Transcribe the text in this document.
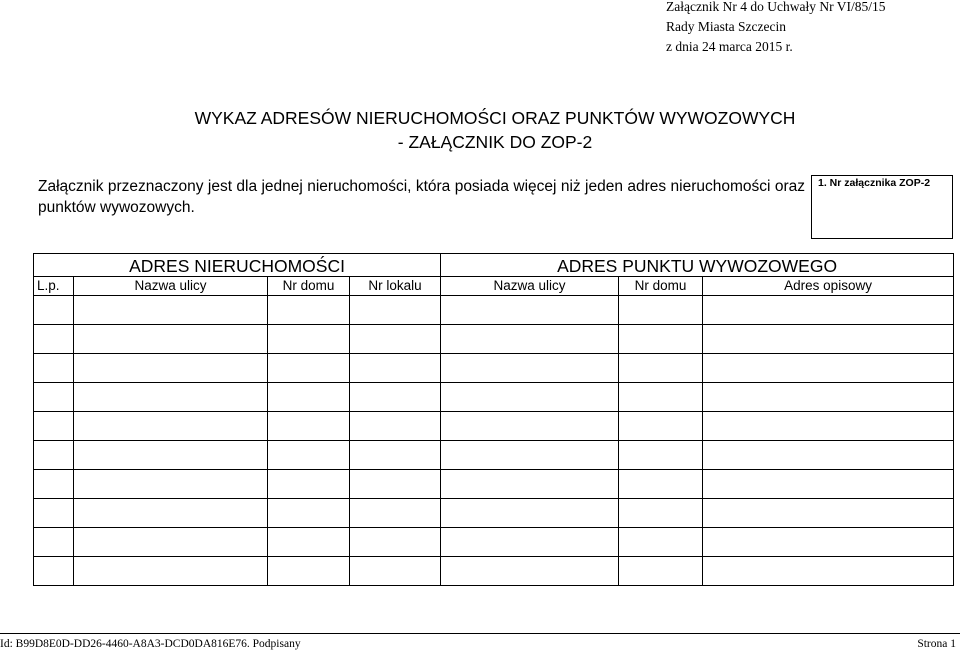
Załącznik Nr 4 do Uchwały Nr VI/85/15
Rady Miasta Szczecin
z dnia 24 marca 2015 r.
WYKAZ ADRESÓW NIERUCHOMOŚCI ORAZ PUNKTÓW WYWOZOWYCH
- ZAŁĄCZNIK DO ZOP-2
Załącznik przeznaczony jest dla jednej nieruchomości, która posiada więcej niż jeden adres nieruchomości oraz punktów wywozowych.
1. Nr załącznika ZOP-2
ADRES NIERUCHOMOŚCI				ADRES PUNKTU WYWOZOWEGO		
L.p.	Nazwa ulicy	Nr domu	Nr lokalu	Nazwa ulicy	Nr domu	Adres opisowy

Id: B99D8E0D-DD26-4460-A8A3-DCD0DA816E76. Podpisany	Strona 1
